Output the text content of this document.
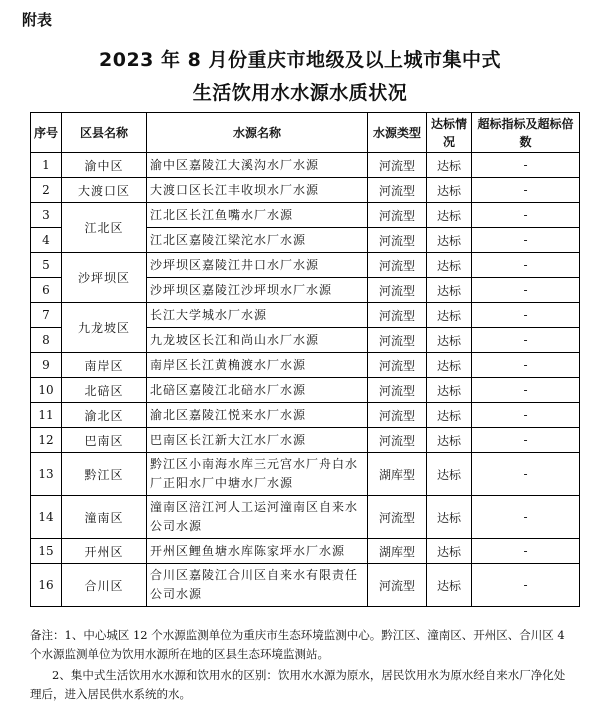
附表
2023 年 8 月份重庆市地级及以上城市集中式
生活饮用水水源水质状况
序号	区县名称	水源名称	水源类型	达标情况	超标指标及超标倍数
1	渝中区	渝中区嘉陵江大溪沟水厂水源	河流型	达标	-
2	大渡口区	大渡口区长江丰收坝水厂水源	河流型	达标	-
3	江北区	江北区长江鱼嘴水厂水源	河流型	达标	-
4		江北区嘉陵江梁沱水厂水源	河流型	达标	-
5	沙坪坝区	沙坪坝区嘉陵江井口水厂水源	河流型	达标	-
6		沙坪坝区嘉陵江沙坪坝水厂水源	河流型	达标	-
7	九龙坡区	长江大学城水厂水源	河流型	达标	-
8		九龙坡区长江和尚山水厂水源	河流型	达标	-
9	南岸区	南岸区长江黄桷渡水厂水源	河流型	达标	-
10	北碚区	北碚区嘉陵江北碚水厂水源	河流型	达标	-
11	渝北区	渝北区嘉陵江悦来水厂水源	河流型	达标	-
12	巴南区	巴南区长江新大江水厂水源	河流型	达标	-
13	黔江区	黔江区小南海水库三元宫水厂舟白水厂正阳水厂中塘水厂水源	湖库型	达标	-
14	潼南区	潼南区涪江河人工运河潼南区自来水公司水源	河流型	达标	-
15	开州区	开州区鲤鱼塘水库陈家坪水厂水源	湖库型	达标	-
16	合川区	合川区嘉陵江合川区自来水有限责任公司水源	河流型	达标	-

备注：1、中心城区 12 个水源监测单位为重庆市生态环境监测中心。黔江区、潼南区、开州区、合川区 4 个水源监测单位为饮用水源所在地的区县生态环境监测站。

2、集中式生活饮用水水源和饮用水的区别：饮用水水源为原水，居民饮用水为原水经自来水厂净化处理后，进入居民供水系统的水。
